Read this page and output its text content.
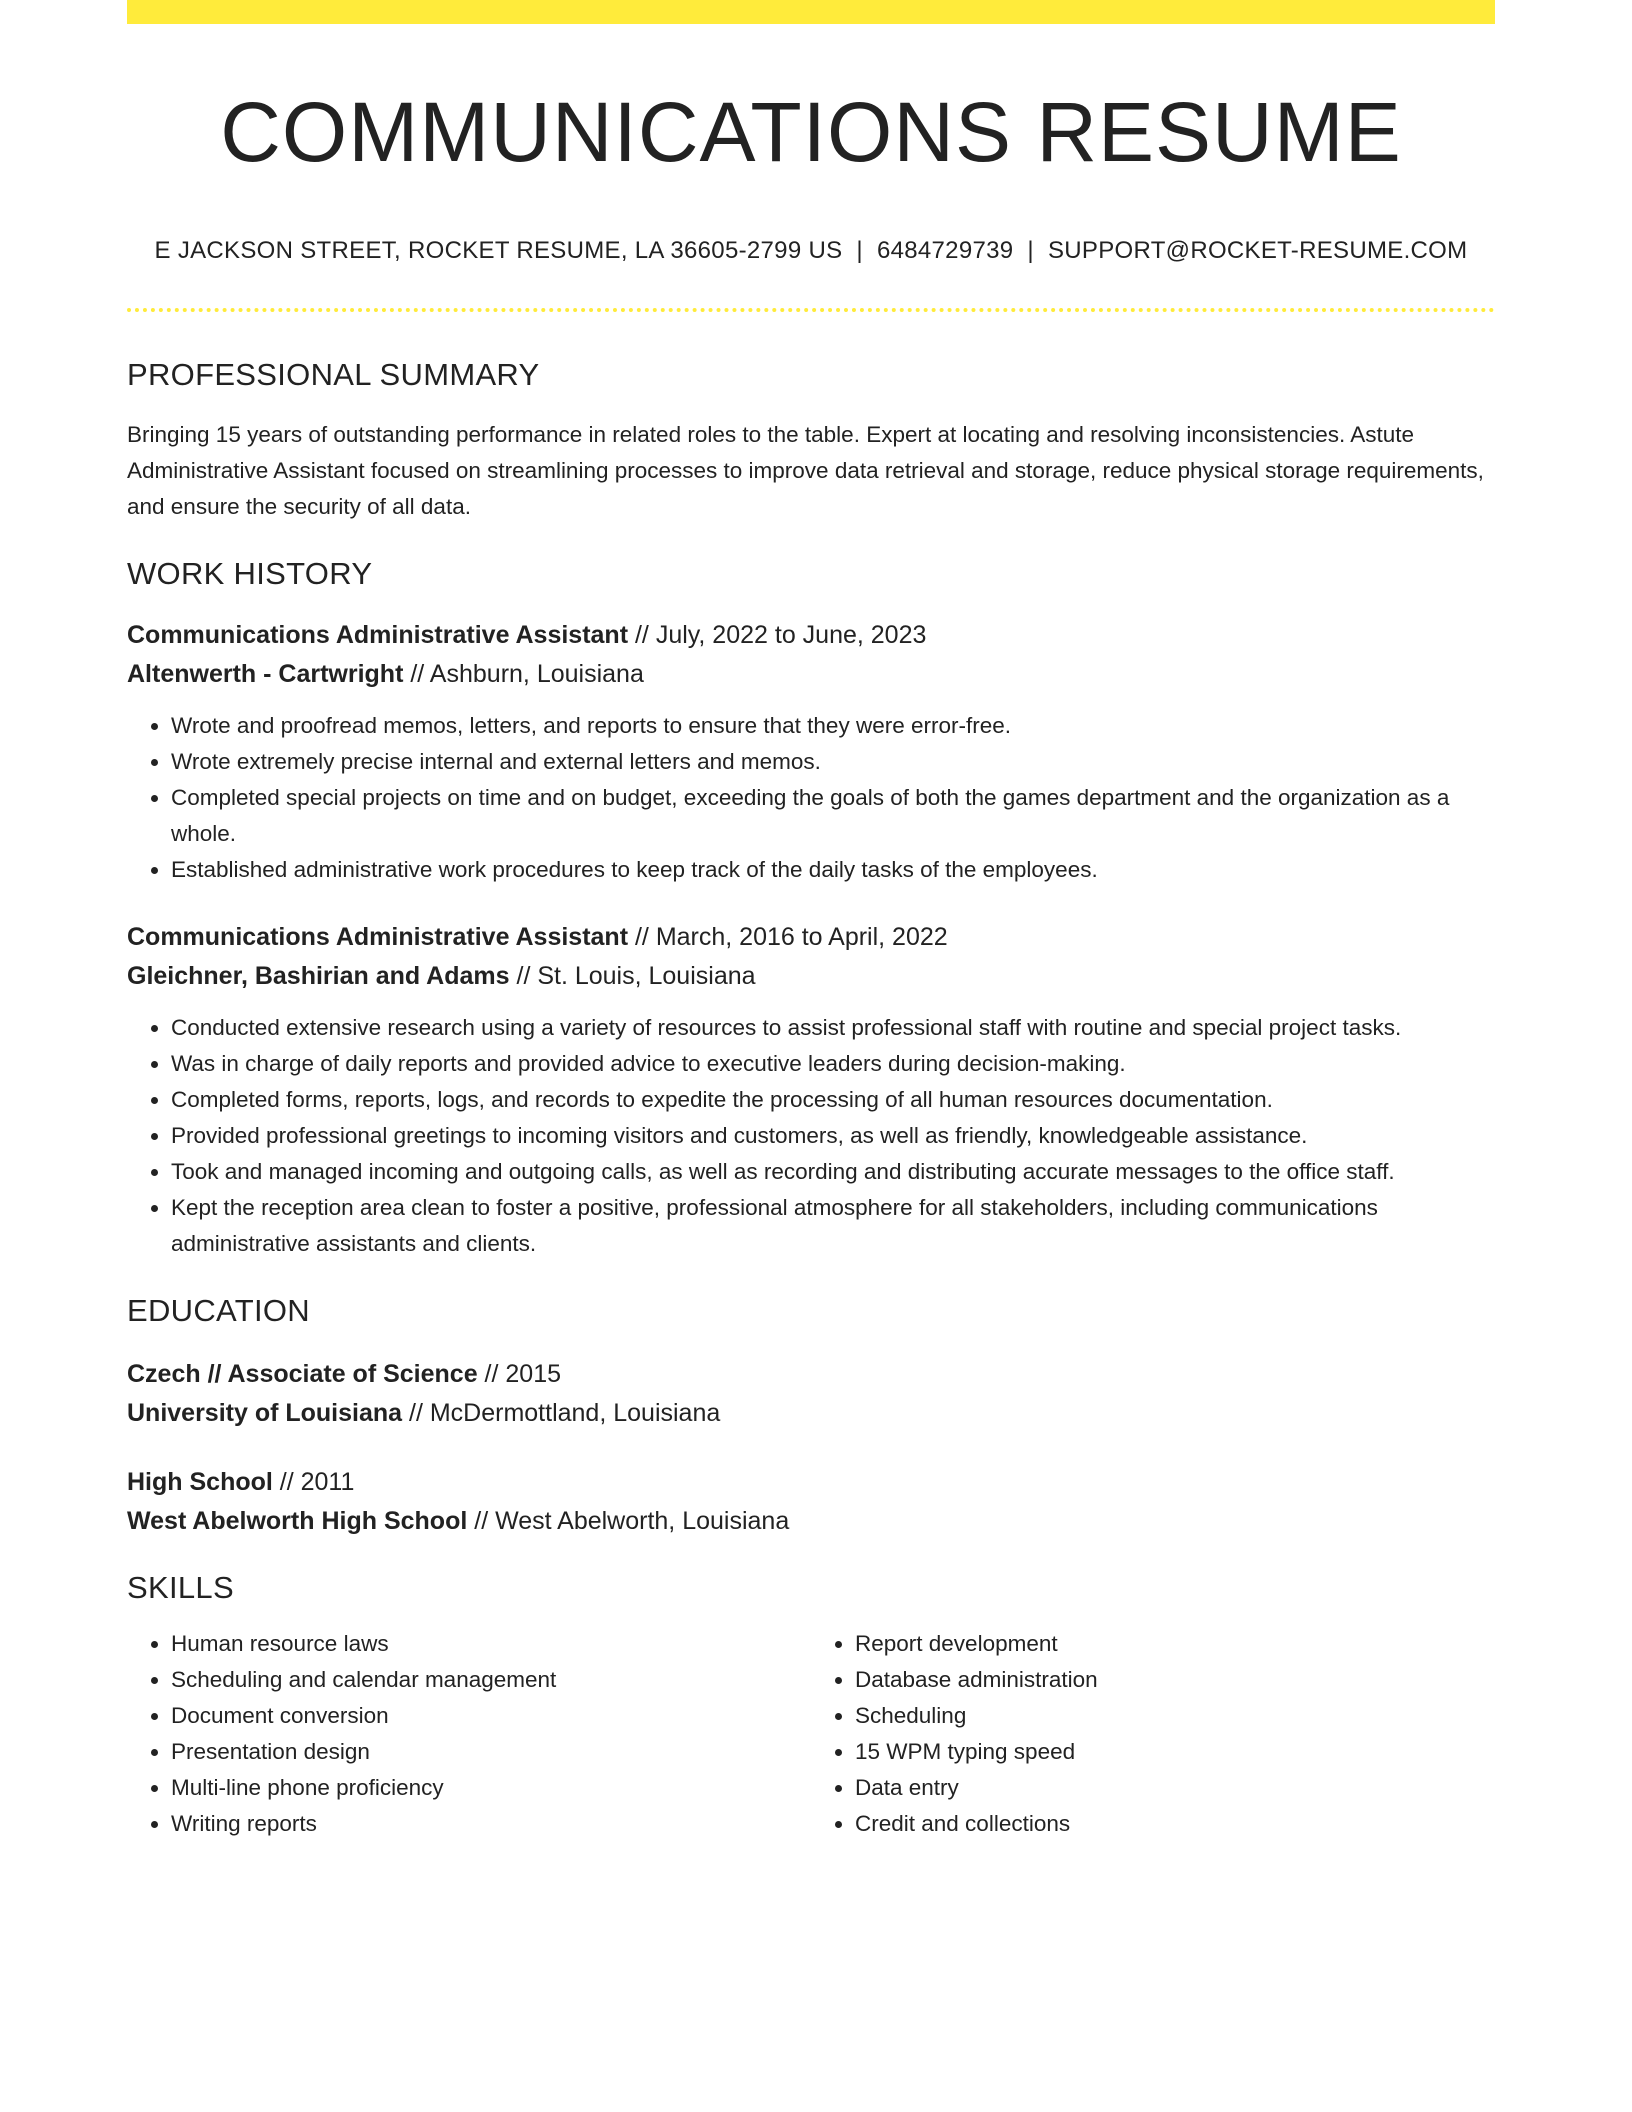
COMMUNICATIONS RESUME
E JACKSON STREET, ROCKET RESUME, LA 36605-2799 US | 6484729739 | SUPPORT@ROCKET-RESUME.COM
PROFESSIONAL SUMMARY

Bringing 15 years of outstanding performance in related roles to the table. Expert at locating and resolving inconsistencies. Astute Administrative Assistant focused on streamlining processes to improve data retrieval and storage, reduce physical storage requirements, and ensure the security of all data.

WORK HISTORY
Communications Administrative Assistant // July, 2022 to June, 2023
Altenwerth - Cartwright // Ashburn, Louisiana
• Wrote and proofread memos, letters, and reports to ensure that they were error-free.
• Wrote extremely precise internal and external letters and memos.
• Completed special projects on time and on budget, exceeding the goals of both the games department and the organization as a whole.
• Established administrative work procedures to keep track of the daily tasks of the employees.
Communications Administrative Assistant // March, 2016 to April, 2022
Gleichner, Bashirian and Adams // St. Louis, Louisiana
• Conducted extensive research using a variety of resources to assist professional staff with routine and special project tasks.
• Was in charge of daily reports and provided advice to executive leaders during decision-making.
• Completed forms, reports, logs, and records to expedite the processing of all human resources documentation.
• Provided professional greetings to incoming visitors and customers, as well as friendly, knowledgeable assistance.
• Took and managed incoming and outgoing calls, as well as recording and distributing accurate messages to the office staff.
• Kept the reception area clean to foster a positive, professional atmosphere for all stakeholders, including communications administrative assistants and clients.
EDUCATION
Czech // Associate of Science // 2015
University of Louisiana // McDermottland, Louisiana
High School // 2011
West Abelworth High School // West Abelworth, Louisiana
SKILLS
• Human resource laws
• Scheduling and calendar management
• Document conversion
• Presentation design
• Multi-line phone proficiency
• Writing reports
• Report development
• Database administration
• Scheduling
• 15 WPM typing speed
• Data entry
• Credit and collections
